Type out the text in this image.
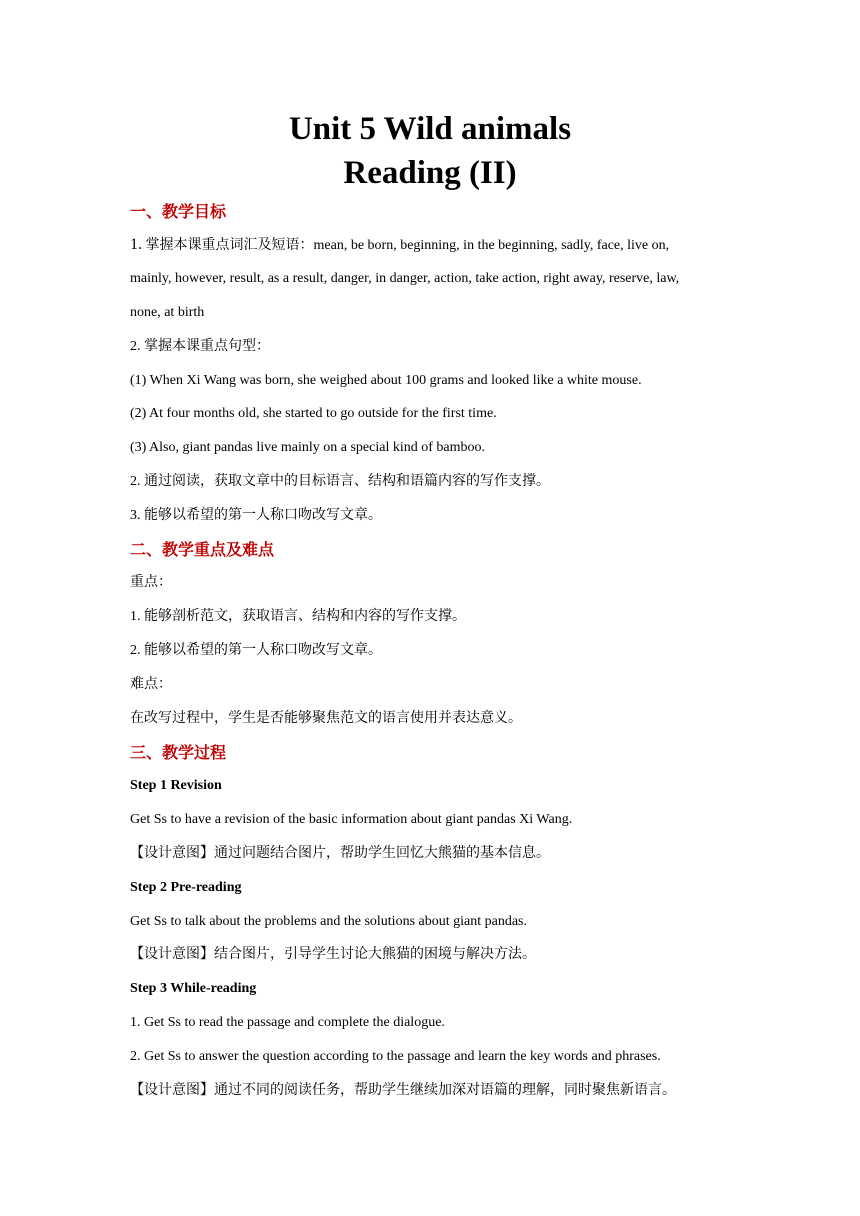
Unit 5 Wild animals
Reading (II)
一、教学目标
1. 掌握本课重点词汇及短语：mean, be born, beginning, in the beginning, sadly, face, live on,
mainly, however, result, as a result, danger, in danger, action, take action, right away, reserve, law,
none, at birth
2. 掌握本课重点句型：
(1) When Xi Wang was born, she weighed about 100 grams and looked like a white mouse.
(2) At four months old, she started to go outside for the first time.
(3) Also, giant pandas live mainly on a special kind of bamboo.
2. 通过阅读，获取文章中的目标语言、结构和语篇内容的写作支撑。
3. 能够以希望的第一人称口吻改写文章。
二、教学重点及难点
重点：
1. 能够剖析范文，获取语言、结构和内容的写作支撑。
2. 能够以希望的第一人称口吻改写文章。
难点：
在改写过程中，学生是否能够聚焦范文的语言使用并表达意义。
三、教学过程
Step 1 Revision
Get Ss to have a revision of the basic information about giant pandas Xi Wang.
【设计意图】通过问题结合图片，帮助学生回忆大熊猫的基本信息。
Step 2 Pre-reading
Get Ss to talk about the problems and the solutions about giant pandas.
【设计意图】结合图片，引导学生讨论大熊猫的困境与解决方法。
Step 3 While-reading
1. Get Ss to read the passage and complete the dialogue.
2. Get Ss to answer the question according to the passage and learn the key words and phrases.
【设计意图】通过不同的阅读任务，帮助学生继续加深对语篇的理解，同时聚焦新语言。
